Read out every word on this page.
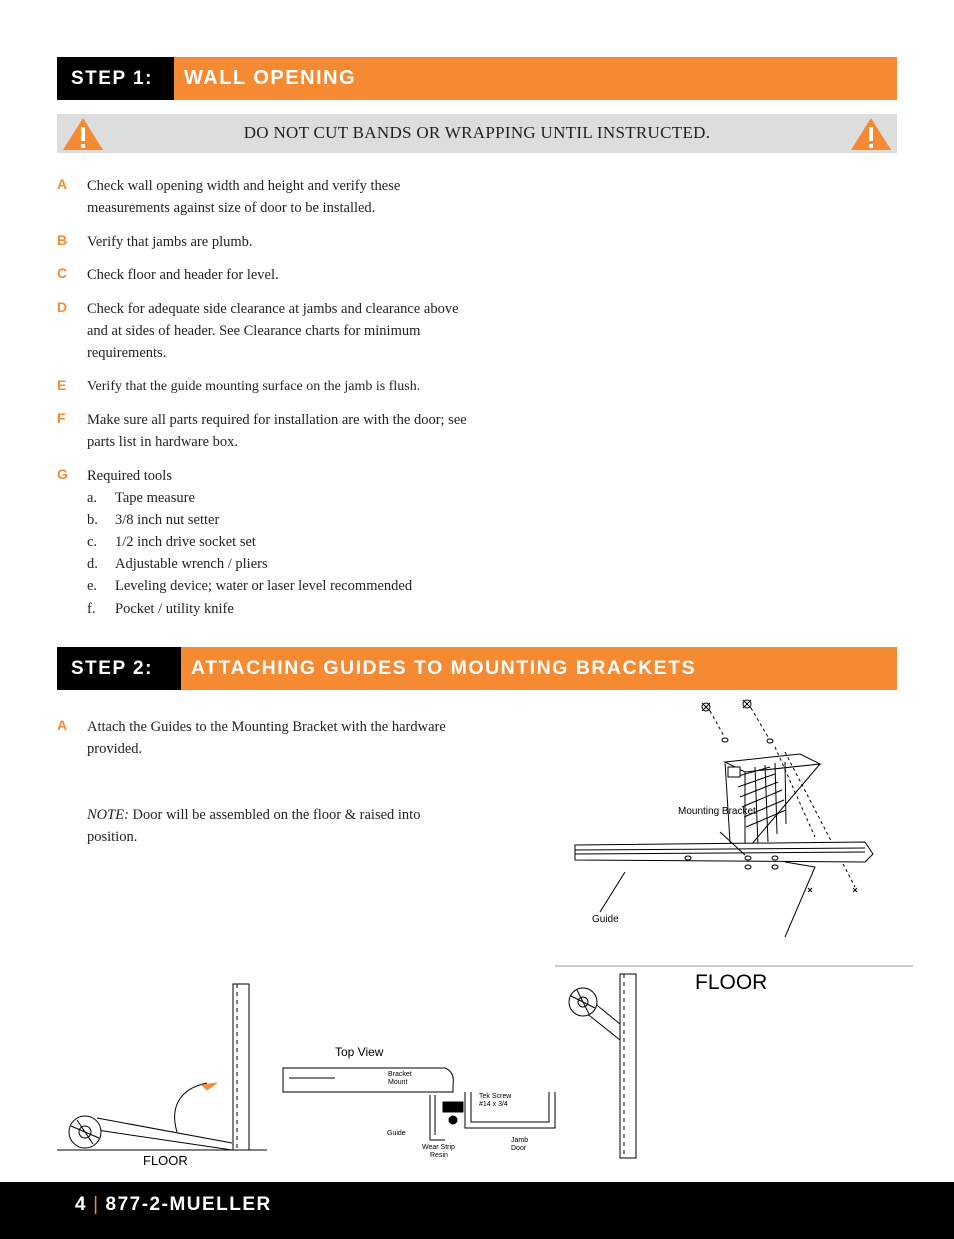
STEP 1:	WALL OPENING
DO NOT CUT BANDS OR WRAPPING UNTIL INSTRUCTED.
A Check wall opening width and height and verify these measurements against size of door to be installed.
B Verify that jambs are plumb.
C Check floor and header for level.
D Check for adequate side clearance at jambs and clearance above and at sides of header. See Clearance charts for minimum requirements.
E Verify that the guide mounting surface on the jamb is flush.
F Make sure all parts required for installation are with the door; see parts list in hardware box.
G Required tools
a. Tape measure
b. 3/8 inch nut setter
c. 1/2 inch drive socket set
d. Adjustable wrench / pliers
e. Leveling device; water or laser level recommended
f. Pocket / utility knife
STEP 2:	ATTACHING GUIDES TO MOUNTING BRACKETS
A Attach the Guides to the Mounting Bracket with the hardware provided.
NOTE: Door will be assembled on the floor & raised into position.
Mounting Bracket
Guide
FLOOR
Top View
Bracket
Mount
Tek Screw
#14 x 3/4
Guide
Jamb
Door
Wear Strip
Resin
FLOOR
4 | 877-2-MUELLER
